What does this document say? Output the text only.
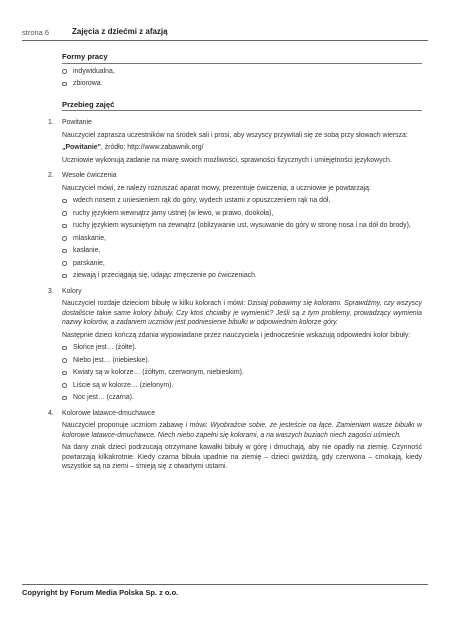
strona 6	Zajęcia z dziećmi z afazją
Formy pracy
indywidualna,
zbiorowa.
Przebieg zajęć
1. Powitanie

Nauczyciel zaprasza uczestników na środek sali i prosi, aby wszyscy przywitali się ze sobą przy słowach wiersza:

„Powitanie", źródło: http://www.zabawnik.org/

Uczniowie wykonują zadanie na miarę swoich możliwości, sprawności fizycznych i umiejętności językowych.

2. Wesołe ćwiczenia

Nauczyciel mówi, że należy rozruszać aparat mowy, prezentuje ćwiczenia, a uczniowie je powtarzają:

wdech nosem z uniesieniem rąk do góry, wydech ustami z opuszczeniem rąk na dół,
ruchy językiem wewnątrz jamy ustnej (w lewo, w prawo, dookoła),
ruchy językiem wysuniętym na zewnątrz (oblizywanie ust, wysuwanie do góry w stronę nosa i na dół do brody),
mlaskanie,
kasłanie,
parskanie,
ziewają i przeciągają się, udając zmęczenie po ćwiczeniach.
3. Kolory

Nauczyciel rozdaje dzieciom bibułę w kilku kolorach i mówi: Dzisiaj pobawimy się kolorami. Sprawdźmy, czy wszyscy dostaliście takie same kolory bibuły. Czy ktoś chciałby je wymienić? Jeśli są z tym problemy, prowadzący wymienia nazwy kolorów, a zadaniem uczniów jest podniesienie bibułki w odpowiednim kolorze góry.

Następnie dzieci kończą zdania wypowiadane przez nauczyciela i jednocześnie wskazują odpowiedni kolor bibuły:

Słońce jest… (żółte).
Niebo jest… (niebieskie).
Kwiaty są w kolorze… (żółtym, czerwonym, niebieskim).
Liście są w kolorze… (zielonym).
Noc jest… (czarna).
4. Kolorowe latawce-dmuchawce

Nauczyciel proponuje uczniom zabawę i mówi: Wyobraźcie sobie, że jesteście na łące. Zamieniam wasze bibułki w kolorowe latawce-dmuchawce. Niech niebo zapełni się kolorami, a na waszych buziach niech zagości uśmiech.

Na dany znak dzieci podrzucają otrzymane kawałki bibuły w górę i dmuchają, aby nie opadły na ziemię. Czynność powtarzają kilkakrotnie. Kiedy czarna bibuła upadnie na ziemię – dzieci gwiżdżą, gdy czerwona – cmokają, kiedy wszystkie są na ziemi – śmieją się z otwartymi ustami.

Copyright by Forum Media Polska Sp. z o.o.
